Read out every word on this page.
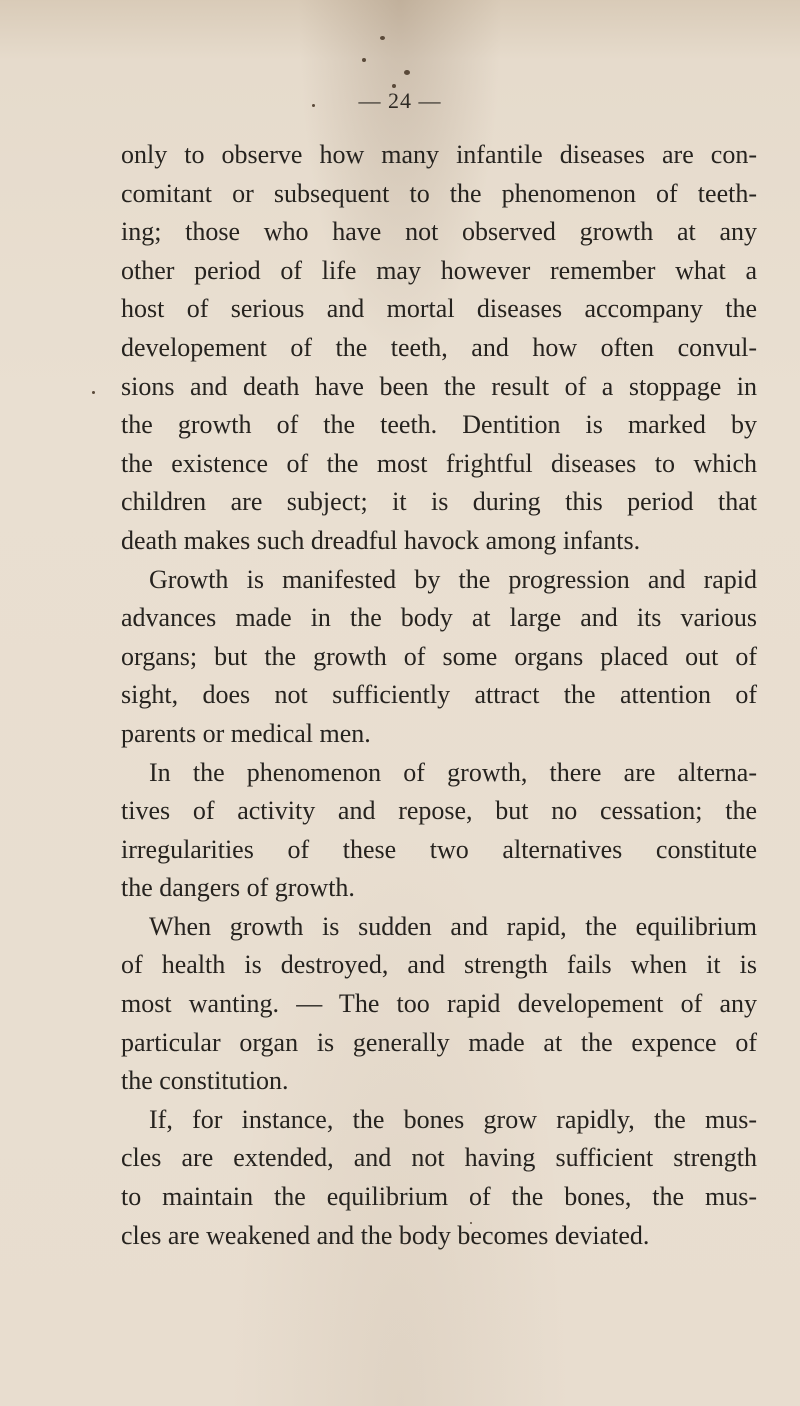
— 24 —
only to observe how many infantile diseases are con-
comitant or subsequent to the phenomenon of teeth-
ing; those who have not observed growth at any
other period of life may however remember what a
host of serious and mortal diseases accompany the
developement of the teeth, and how often convul-
sions and death have been the result of a stoppage in
the growth of the teeth. Dentition is marked by
the existence of the most frightful diseases to which
children are subject; it is during this period that
death makes such dreadful havock among infants.
Growth is manifested by the progression and rapid
advances made in the body at large and its various
organs; but the growth of some organs placed out of
sight, does not sufficiently attract the attention of
parents or medical men.
In the phenomenon of growth, there are alterna-
tives of activity and repose, but no cessation; the
irregularities of these two alternatives constitute
the dangers of growth.
When growth is sudden and rapid, the equilibrium
of health is destroyed, and strength fails when it is
most wanting. — The too rapid developement of any
particular organ is generally made at the expence of
the constitution.
If, for instance, the bones grow rapidly, the mus-
cles are extended, and not having sufficient strength
to maintain the equilibrium of the bones, the mus-
cles are weakened and the body becomes deviated.
